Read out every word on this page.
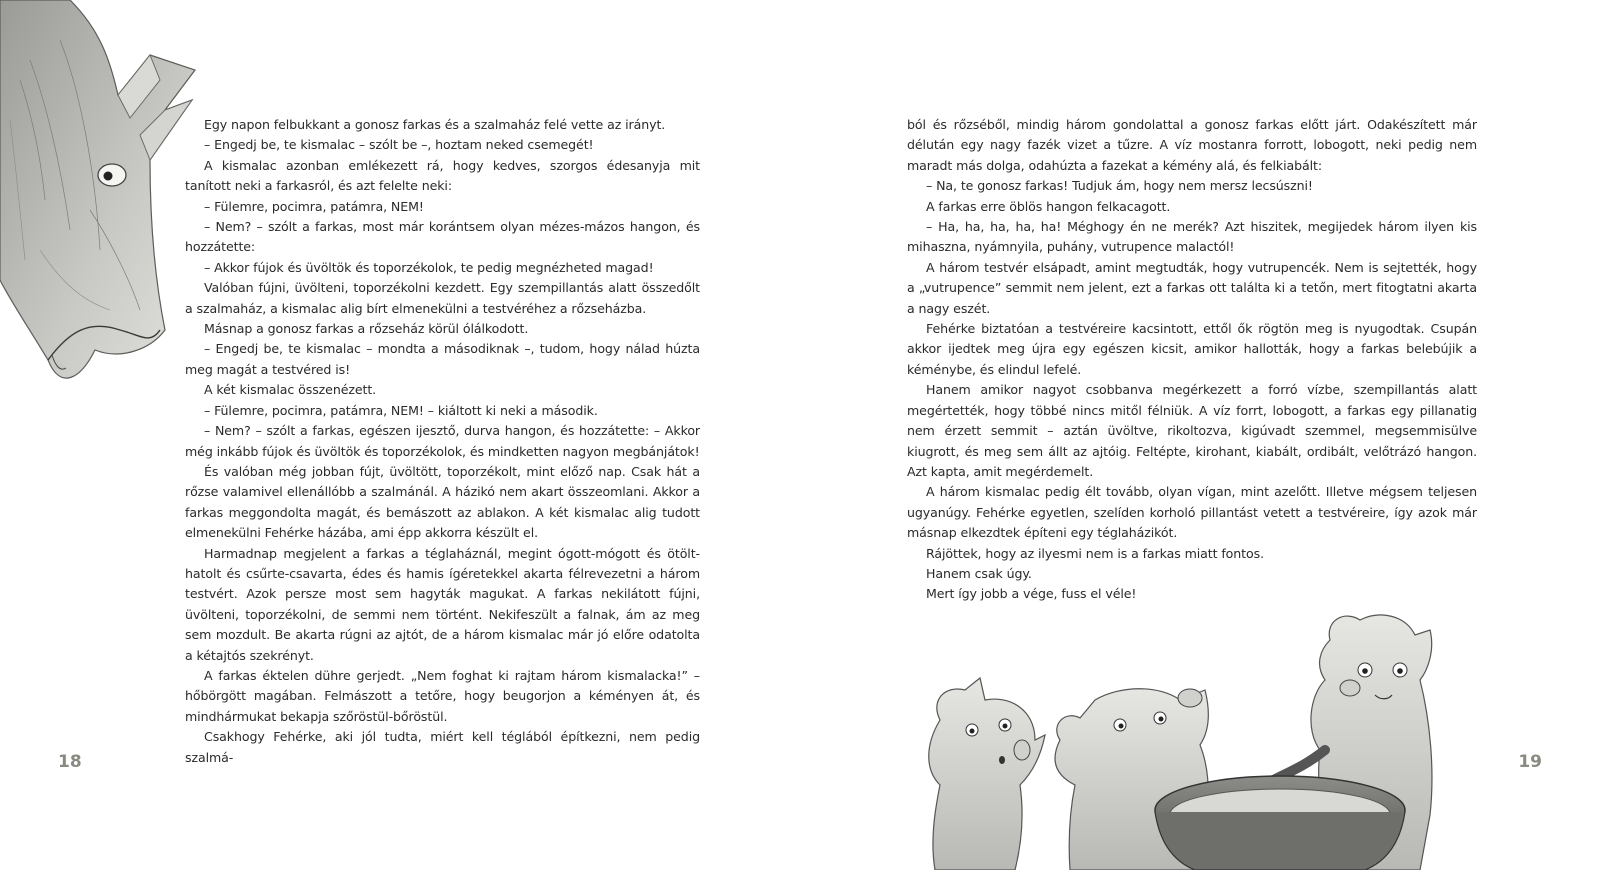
Egy napon felbukkant a gonosz farkas és a szalmaház felé vette az irányt.

– Engedj be, te kismalac – szólt be –, hoztam neked csemegét!

A kismalac azonban emlékezett rá, hogy kedves, szorgos édesanyja mit tanított neki a farkasról, és azt felelte neki:

– Fülemre, pocimra, patámra, NEM!

– Nem? – szólt a farkas, most már korántsem olyan mézes-mázos hangon, és hozzátette:

– Akkor fújok és üvöltök és toporzékolok, te pedig megnézheted magad!

Valóban fújni, üvölteni, toporzékolni kezdett. Egy szempillantás alatt összedőlt a szalmaház, a kismalac alig bírt elmenekülni a testvéréhez a rőzseházba.

Másnap a gonosz farkas a rőzseház körül ólálkodott.

– Engedj be, te kismalac – mondta a másodiknak –, tudom, hogy nálad húzta meg magát a testvéred is!

A két kismalac összenézett.

– Fülemre, pocimra, patámra, NEM! – kiáltott ki neki a második.

– Nem? – szólt a farkas, egészen ijesztő, durva hangon, és hozzátette: – Akkor még inkább fújok és üvöltök és toporzékolok, és mindketten nagyon megbánjátok!

És valóban még jobban fújt, üvöltött, toporzékolt, mint előző nap. Csak hát a rőzse valamivel ellenállóbb a szalmánál. A házikó nem akart összeomlani. Akkor a farkas meggondolta magát, és bemászott az ablakon. A két kismalac alig tudott elmenekülni Fehérke házába, ami épp akkorra készült el.

Harmadnap megjelent a farkas a téglaháznál, megint ógott-mógott és ötölt-hatolt és csűrte-csavarta, édes és hamis ígéretekkel akarta félrevezetni a három testvért. Azok persze most sem hagyták magukat. A farkas nekilátott fújni, üvölteni, toporzékolni, de semmi nem történt. Nekifeszült a falnak, ám az meg sem mozdult. Be akarta rúgni az ajtót, de a három kismalac már jó előre odatolta a kétajtós szekrényt.

A farkas éktelen dühre gerjedt. „Nem foghat ki rajtam három kismalacka!” – hőbörgött magában. Felmászott a tetőre, hogy beugorjon a kéményen át, és mindhármukat bekapja szőröstül-bőröstül.

Csakhogy Fehérke, aki jól tudta, miért kell téglából építkezni, nem pedig szalmá-

18

ból és rőzséből, mindig három gondolattal a gonosz farkas előtt járt. Odakészített már délután egy nagy fazék vizet a tűzre. A víz mostanra forrott, lobogott, neki pedig nem maradt más dolga, odahúzta a fazekat a kémény alá, és felkiabált:

– Na, te gonosz farkas! Tudjuk ám, hogy nem mersz lecsúszni!

A farkas erre öblös hangon felkacagott.

– Ha, ha, ha, ha, ha! Méghogy én ne merék? Azt hiszitek, megijedek három ilyen kis mihaszna, nyámnyila, puhány, vutrupence malactól!

A három testvér elsápadt, amint megtudták, hogy vutrupencék. Nem is sejtették, hogy a „vutrupence” semmit nem jelent, ezt a farkas ott találta ki a tetőn, mert fitogtatni akarta a nagy eszét.

Fehérke biztatóan a testvéreire kacsintott, ettől ők rögtön meg is nyugodtak. Csupán akkor ijedtek meg újra egy egészen kicsit, amikor hallották, hogy a farkas belebújik a kéménybe, és elindul lefelé.

Hanem amikor nagyot csobbanva megérkezett a forró vízbe, szempillantás alatt megértették, hogy többé nincs mitől félniük. A víz forrt, lobogott, a farkas egy pillanatig nem érzett semmit – aztán üvöltve, rikoltozva, kigúvadt szemmel, megsemmisülve kiugrott, és meg sem állt az ajtóig. Feltépte, kirohant, kiabált, ordibált, velőtrázó hangon. Azt kapta, amit megérdemelt.

A három kismalac pedig élt tovább, olyan vígan, mint azelőtt. Illetve mégsem teljesen ugyanúgy. Fehérke egyetlen, szelíden korholó pillantást vetett a testvéreire, így azok már másnap elkezdtek építeni egy téglaházikót.

Rájöttek, hogy az ilyesmi nem is a farkas miatt fontos.

Hanem csak úgy.

Mert így jobb a vége, fuss el véle!

19
